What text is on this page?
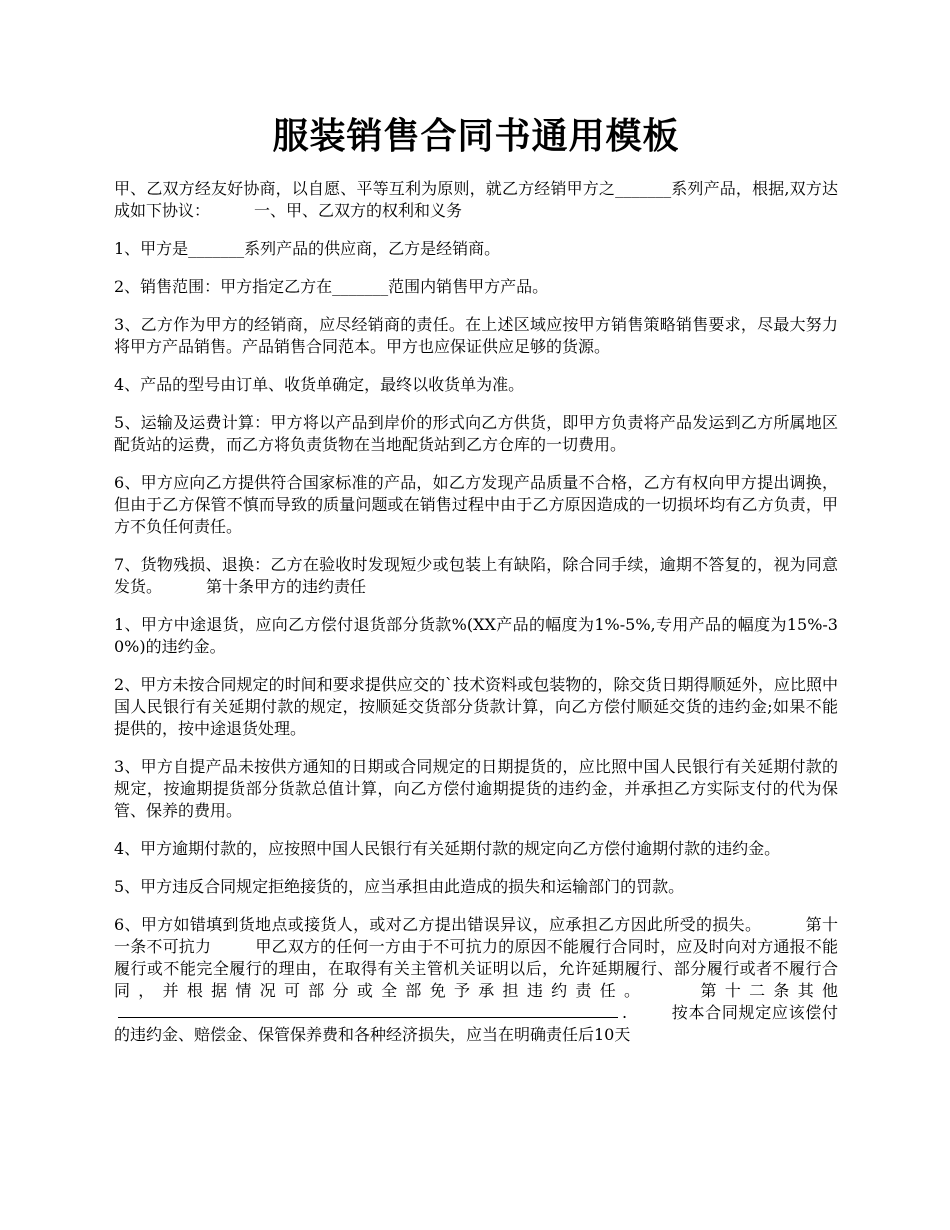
服装销售合同书通用模板

甲、乙双方经友好协商，以自愿、平等互利为原则，就乙方经销甲方之_______系列产品，根据,双方达成如下协议：	一、甲、乙双方的权利和义务

1、甲方是_______系列产品的供应商，乙方是经销商。

2、销售范围：甲方指定乙方在_______范围内销售甲方产品。

3、乙方作为甲方的经销商，应尽经销商的责任。在上述区域应按甲方销售策略销售要求，尽最大努力将甲方产品销售。产品销售合同范本。甲方也应保证供应足够的货源。

4、产品的型号由订单、收货单确定，最终以收货单为准。

5、运输及运费计算：甲方将以产品到岸价的形式向乙方供货，即甲方负责将产品发运到乙方所属地区配货站的运费，而乙方将负责货物在当地配货站到乙方仓库的一切费用。

6、甲方应向乙方提供符合国家标准的产品，如乙方发现产品质量不合格，乙方有权向甲方提出调换，但由于乙方保管不慎而导致的质量问题或在销售过程中由于乙方原因造成的一切损坏均有乙方负责，甲方不负任何责任。

7、货物残损、退换：乙方在验收时发现短少或包装上有缺陷，除合同手续，逾期不答复的，视为同意发货。	第十条甲方的违约责任

1、甲方中途退货，应向乙方偿付退货部分货款%(XX产品的幅度为1%-5%,专用产品的幅度为15%-30%)的违约金。

2、甲方未按合同规定的时间和要求提供应交的`技术资料或包装物的，除交货日期得顺延外，应比照中国人民银行有关延期付款的规定，按顺延交货部分货款计算，向乙方偿付顺延交货的违约金;如果不能提供的，按中途退货处理。

3、甲方自提产品未按供方通知的日期或合同规定的日期提货的，应比照中国人民银行有关延期付款的规定，按逾期提货部分货款总值计算，向乙方偿付逾期提货的违约金，并承担乙方实际支付的代为保管、保养的费用。

4、甲方逾期付款的，应按照中国人民银行有关延期付款的规定向乙方偿付逾期付款的违约金。

5、甲方违反合同规定拒绝接货的，应当承担由此造成的损失和运输部门的罚款。

6、甲方如错填到货地点或接货人，或对乙方提出错误异议，应承担乙方因此所受的损失。	第十一条不可抗力	甲乙双方的任何一方由于不可抗力的原因不能履行合同时，应及时向对方通报不能履行或不能完全履行的理由，在取得有关主管机关证明以后，允许延期履行、部分履行或者不履行合同，并根据情况可部分或全部免予承担违约责任。	第十二条其他.	按本合同规定应该偿付的违约金、赔偿金、保管保养费和各种经济损失，应当在明确责任后10天
